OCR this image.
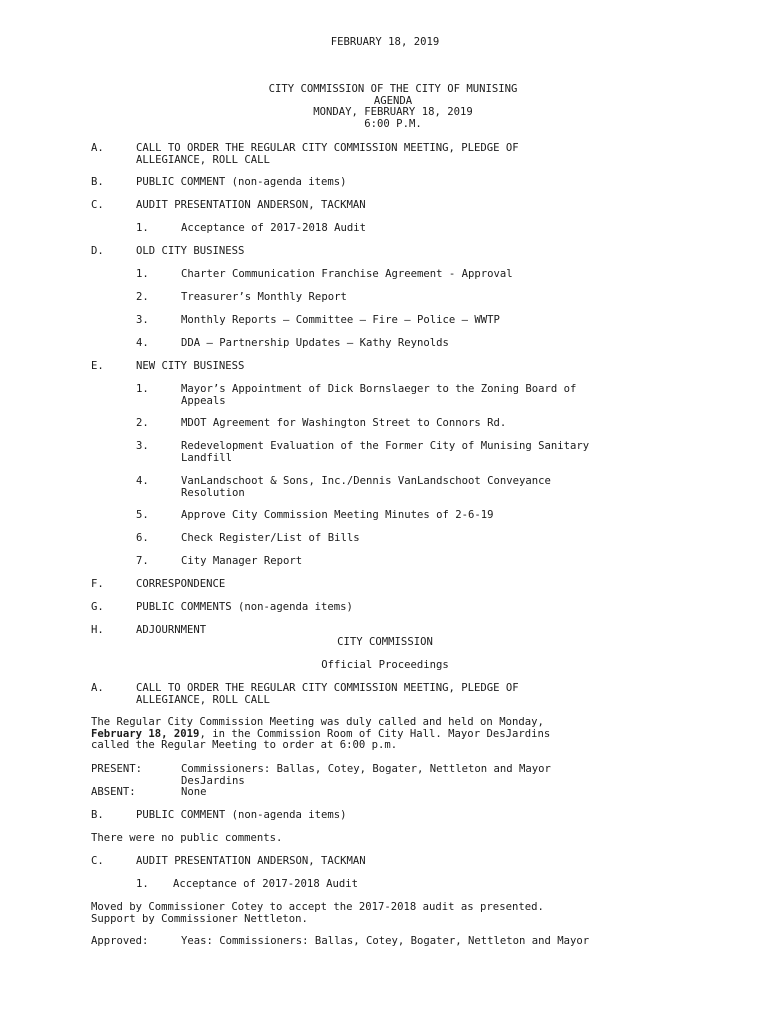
FEBRUARY 18, 2019
CITY COMMISSION OF THE CITY OF MUNISING
AGENDA
MONDAY, FEBRUARY 18, 2019
6:00 P.M.
A.	CALL TO ORDER THE REGULAR CITY COMMISSION MEETING, PLEDGE OF
ALLEGIANCE, ROLL CALL
B.	PUBLIC COMMENT (non-agenda items)
C.	AUDIT PRESENTATION ANDERSON, TACKMAN
1.	Acceptance of 2017-2018 Audit
D.	OLD CITY BUSINESS
1.	Charter Communication Franchise Agreement - Approval
2.	Treasurer’s Monthly Report
3.	Monthly Reports – Committee – Fire – Police – WWTP
4.	DDA – Partnership Updates – Kathy Reynolds
E.	NEW CITY BUSINESS
1.	Mayor’s Appointment of Dick Bornslaeger to the Zoning Board of
Appeals
2.	MDOT Agreement for Washington Street to Connors Rd.
3.	Redevelopment Evaluation of the Former City of Munising Sanitary
Landfill
4.	VanLandschoot & Sons, Inc./Dennis VanLandschoot Conveyance
Resolution
5.	Approve City Commission Meeting Minutes of 2-6-19
6.	Check Register/List of Bills
7.	City Manager Report
F.	CORRESPONDENCE
G.	PUBLIC COMMENTS (non-agenda items)
H.	ADJOURNMENT
CITY COMMISSION
Official Proceedings
A.	CALL TO ORDER THE REGULAR CITY COMMISSION MEETING, PLEDGE OF
ALLEGIANCE, ROLL CALL
The Regular City Commission Meeting was duly called and held on Monday,
February 18, 2019, in the Commission Room of City Hall. Mayor DesJardins
called the Regular Meeting to order at 6:00 p.m.
PRESENT:	Commissioners: Ballas, Cotey, Bogater, Nettleton and Mayor
DesJardins
ABSENT:	None
B.	PUBLIC COMMENT (non-agenda items)
There were no public comments.
C.	AUDIT PRESENTATION ANDERSON, TACKMAN
1. Acceptance of 2017-2018 Audit
Moved by Commissioner Cotey to accept the 2017-2018 audit as presented.
Support by Commissioner Nettleton.
Approved:	Yeas: Commissioners: Ballas, Cotey, Bogater, Nettleton and Mayor
